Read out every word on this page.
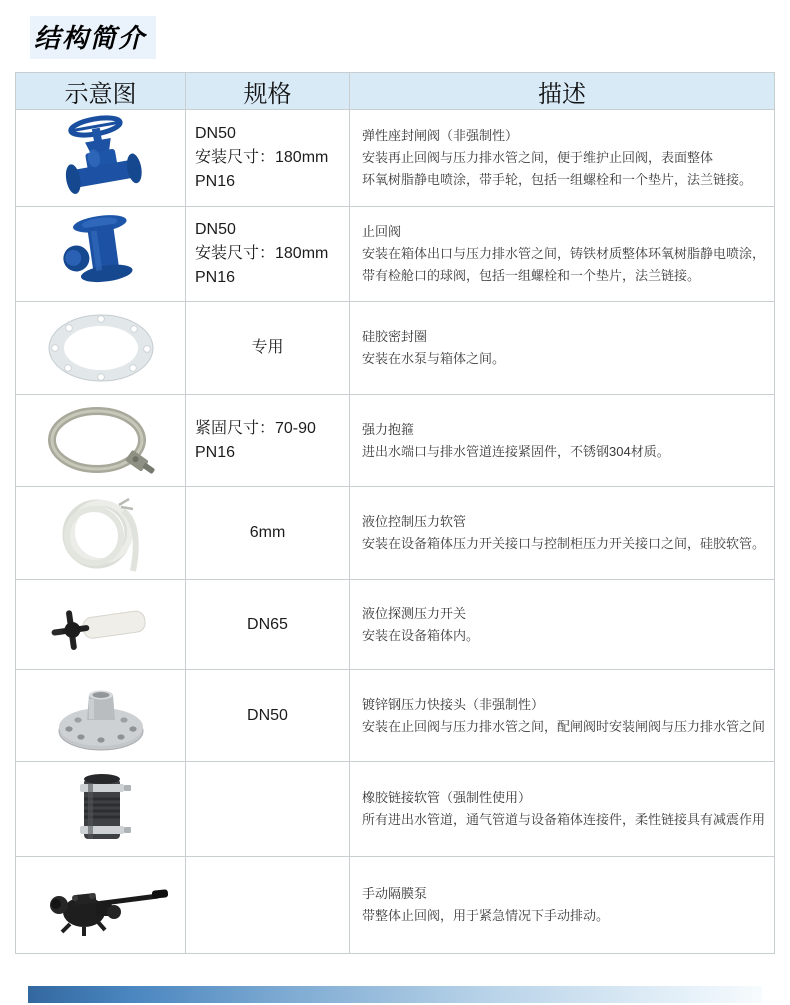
结构简介
示意图	规格	描述
DN50
安装尺寸：180mm
PN16
弹性座封闸阀（非强制性）
安装再止回阀与压力排水管之间，便于维护止回阀，表面整体
环氧树脂静电喷涂，带手轮，包括一组螺栓和一个垫片，法兰链接。
DN50
安装尺寸：180mm
PN16
止回阀
安装在箱体出口与压力排水管之间，铸铁材质整体环氧树脂静电喷涂，
带有检舱口的球阀，包括一组螺栓和一个垫片，法兰链接。
专用
硅胶密封圈
安装在水泵与箱体之间。
紧固尺寸：70-90
PN16
强力抱箍
进出水端口与排水管道连接紧固件，不锈钢304材质。
6mm
液位控制压力软管
安装在设备箱体压力开关接口与控制柜压力开关接口之间，硅胶软管。
DN65
液位探测压力开关
安装在设备箱体内。
DN50
镀锌钢压力快接头（非强制性）
安装在止回阀与压力排水管之间，配闸阀时安装闸阀与压力排水管之间
橡胶链接软管（强制性使用）
所有进出水管道，通气管道与设备箱体连接件，柔性链接具有减震作用
手动隔膜泵
带整体止回阀，用于紧急情况下手动排动。
